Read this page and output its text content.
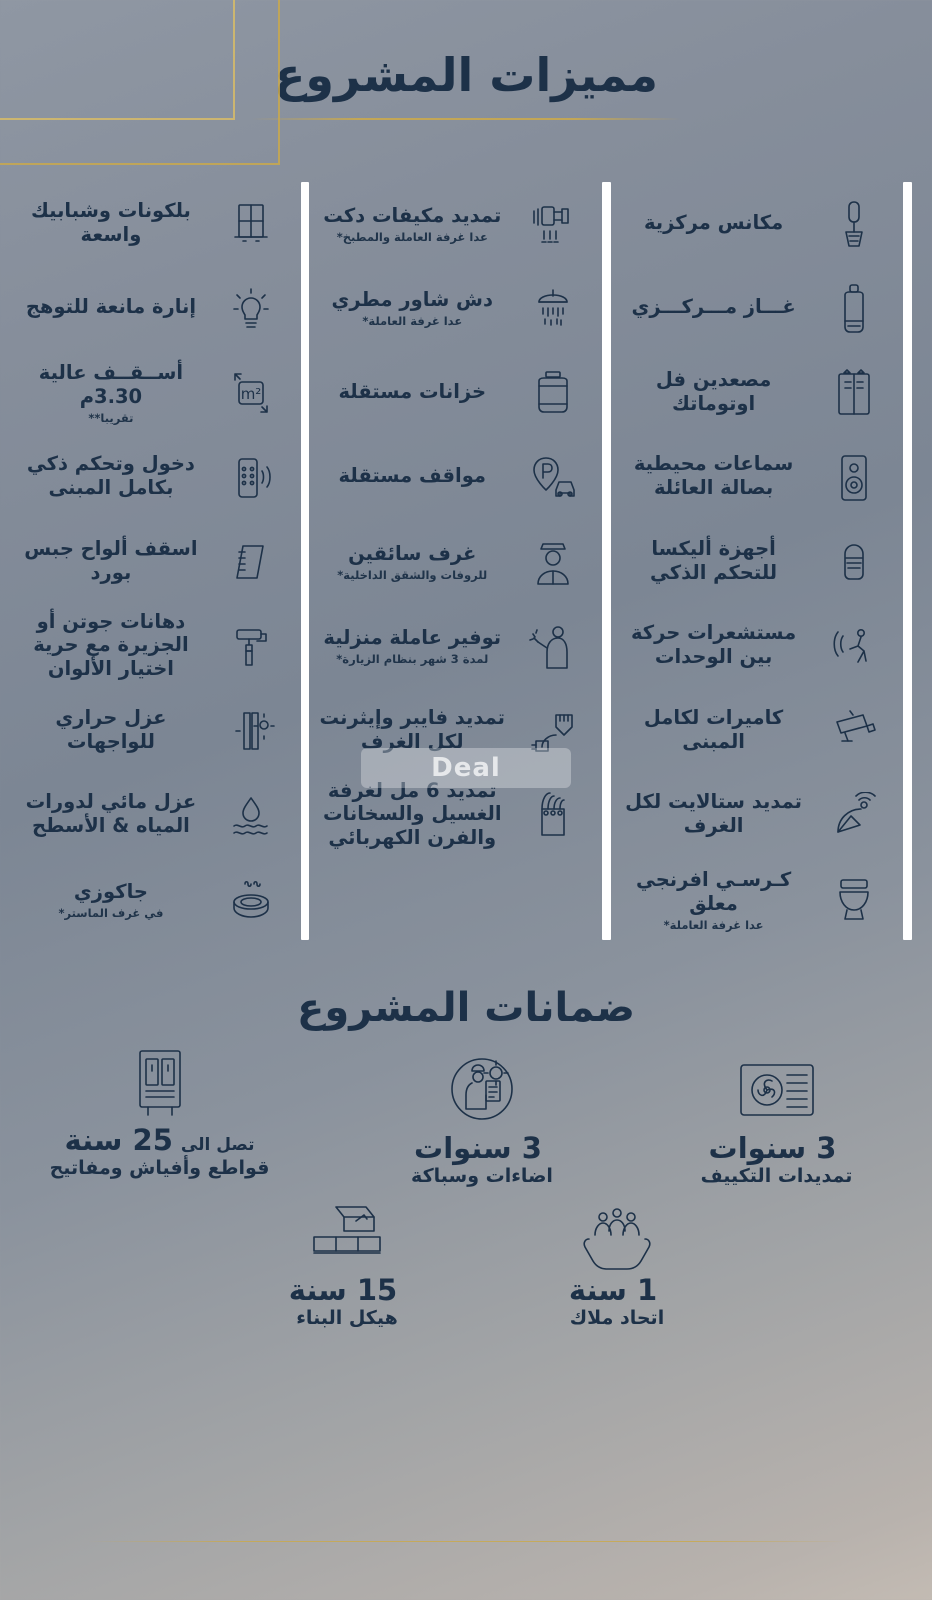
مميزات المشروع
مكانس مركزية
غـــاز مـــركـــزي
مصعدين فل اوتوماتك
سماعات محيطية بصالة العائلة
أجهزة أليكسا للتحكم الذكي
مستشعرات حركة بين الوحدات
كاميرات لكامل المبنى
تمديد ستالايت لكل الغرف
كـرسـي افرنجي معلق
عدا غرفة العاملة*
تمديد مكيفات دكت
عدا غرفة العاملة والمطبخ*
دش شاور مطري
عدا غرفة العاملة*
خزانات مستقلة
مواقف مستقلة
غرف سائقين
للروفات والشقق الداخلية*
توفير عاملة منزلية
لمدة 3 شهر بنظام الزيارة*
تمديد فايبر وإيثرنت لكل الغرف
تمديد 6 مل لغرفة الغسيل والسخانات والفرن الكهربائي
m²
بلكونات وشبابيك واسعة
إنارة مانعة للتوهج
أســقــف عالية 3.30م
تقريبا**
دخول وتحكم ذكي بكامل المبنى
اسقف ألواح جبس بورد
دهانات جوتن أو الجزيرة مع حرية اختيار الألوان
عزل حراري للواجهات
عزل مائي لدورات المياه & الأسطح
جاكوزي
في غرف الماستر*
Deal
ضمانات المشروع
تصل الى
25 سنة
قواطع وأفياش ومفاتيح
3 سنوات
اضاءات وسباكة
3 سنوات
تمديدات التكييف
15 سنة
هيكل البناء
1 سنة
اتحاد ملاك
